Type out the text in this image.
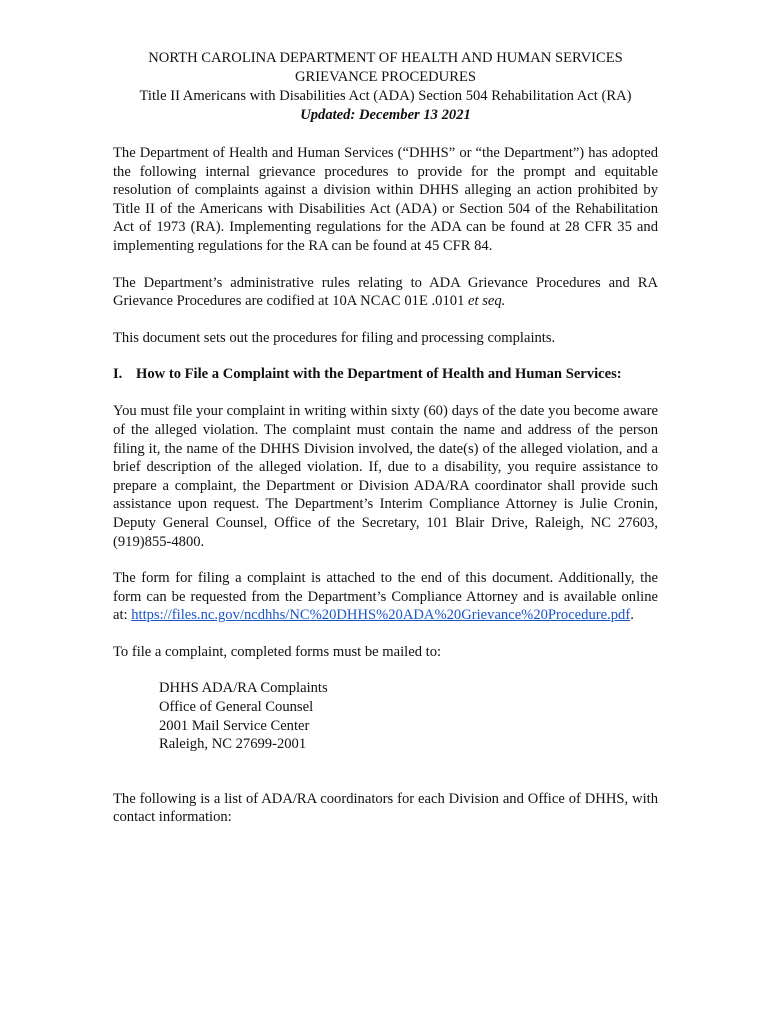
NORTH CAROLINA DEPARTMENT OF HEALTH AND HUMAN SERVICES
GRIEVANCE PROCEDURES
Title II Americans with Disabilities Act (ADA) Section 504 Rehabilitation Act (RA)
Updated: December 13 2021

The Department of Health and Human Services (“DHHS” or “the Department”) has adopted the following internal grievance procedures to provide for the prompt and equitable resolution of complaints against a division within DHHS alleging an action prohibited by Title II of the Americans with Disabilities Act (ADA) or Section 504 of the Rehabilitation Act of 1973 (RA). Implementing regulations for the ADA can be found at 28 CFR 35 and implementing regulations for the RA can be found at 45 CFR 84.

The Department’s administrative rules relating to ADA Grievance Procedures and RA Grievance Procedures are codified at 10A NCAC 01E .0101 et seq.

This document sets out the procedures for filing and processing complaints.

I. How to File a Complaint with the Department of Health and Human Services:

You must file your complaint in writing within sixty (60) days of the date you become aware of the alleged violation. The complaint must contain the name and address of the person filing it, the name of the DHHS Division involved, the date(s) of the alleged violation, and a brief description of the alleged violation. If, due to a disability, you require assistance to prepare a complaint, the Department or Division ADA/RA coordinator shall provide such assistance upon request. The Department’s Interim Compliance Attorney is Julie Cronin, Deputy General Counsel, Office of the Secretary, 101 Blair Drive, Raleigh, NC 27603, (919)855-4800.

The form for filing a complaint is attached to the end of this document. Additionally, the form can be requested from the Department’s Compliance Attorney and is available online at: https://files.nc.gov/ncdhhs/NC%20DHHS%20ADA%20Grievance%20Procedure.pdf.

To file a complaint, completed forms must be mailed to:

DHHS ADA/RA Complaints
Office of General Counsel
2001 Mail Service Center
Raleigh, NC 27699-2001

The following is a list of ADA/RA coordinators for each Division and Office of DHHS, with contact information:
